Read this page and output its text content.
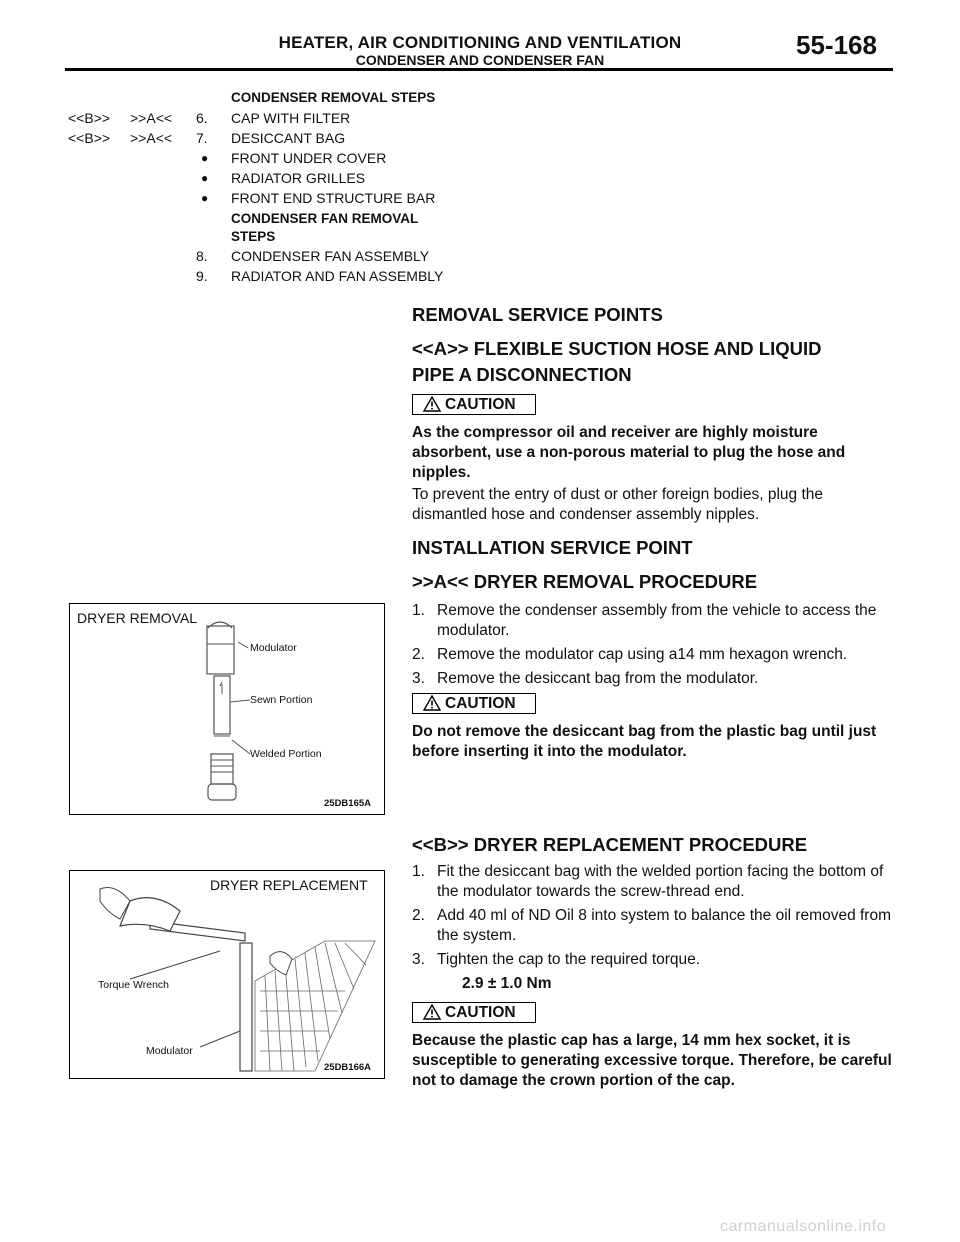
HEATER, AIR CONDITIONING AND VENTILATION
CONDENSER AND CONDENSER FAN	55-168
CONDENSER REMOVAL STEPS
<<B>> >>A<< 6. CAP WITH FILTER
<<B>> >>A<< 7. DESICCANT BAG
● FRONT UNDER COVER
● RADIATOR GRILLES
● FRONT END STRUCTURE BAR
CONDENSER FAN REMOVAL
STEPS
8. CONDENSER FAN ASSEMBLY
9. RADIATOR AND FAN ASSEMBLY
REMOVAL SERVICE POINTS
<<A>> FLEXIBLE SUCTION HOSE AND LIQUID
PIPE A DISCONNECTION
CAUTION
As the compressor oil and receiver are highly moisture absorbent, use a non-porous material to plug the hose and nipples.
To prevent the entry of dust or other foreign bodies, plug the dismantled hose and condenser assembly nipples.
INSTALLATION SERVICE POINT
>>A<< DRYER REMOVAL PROCEDURE
1. Remove the condenser assembly from the vehicle to access the modulator.
2. Remove the modulator cap using a14 mm hexagon wrench.
3. Remove the desiccant bag from the modulator.
CAUTION
Do not remove the desiccant bag from the plastic bag until just before inserting it into the modulator.
<<B>> DRYER REPLACEMENT PROCEDURE
1. Fit the desiccant bag with the welded portion facing the bottom of the modulator towards the screw-thread end.
2. Add 40 ml of ND Oil 8 into system to balance the oil removed from the system.
3. Tighten the cap to the required torque.
2.9 ± 1.0 Nm
CAUTION
Because the plastic cap has a large, 14 mm hex socket, it is susceptible to generating excessive torque. Therefore, be careful not to damage the crown portion of the cap.
DRYER REMOVAL
Modulator
Sewn Portion
Welded Portion
25DB165A
DRYER REPLACEMENT
Torque Wrench
Modulator
25DB166A
carmanualsonline.info
